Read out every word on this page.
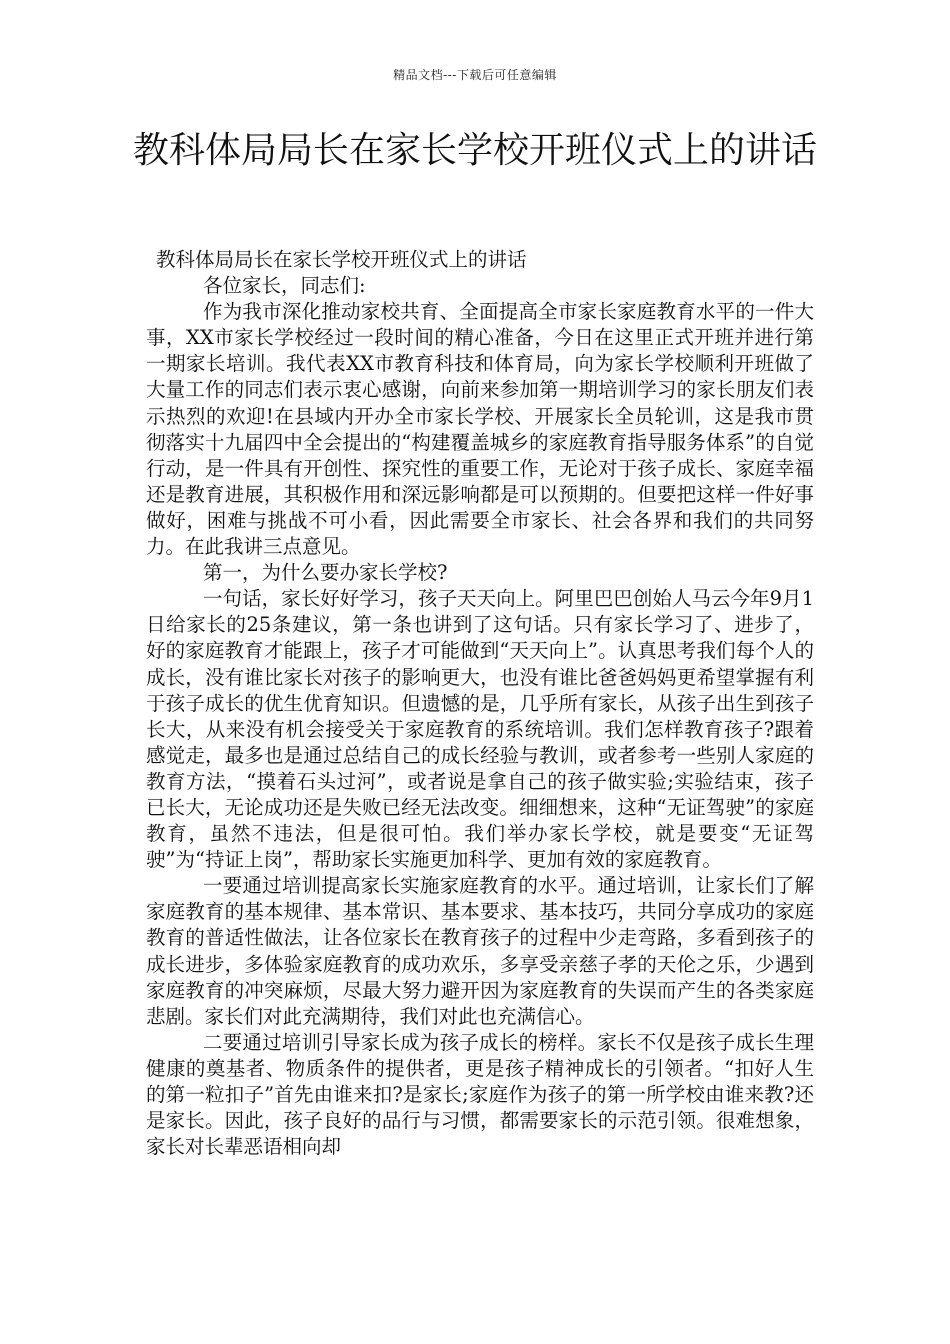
精品文档---下载后可任意编辑
教科体局局长在家长学校开班仪式上的讲话

教科体局局长在家长学校开班仪式上的讲话

各位家长，同志们:

作为我市深化推动家校共育、全面提高全市家长家庭教育水平的一件大事，XX市家长学校经过一段时间的精心准备，今日在这里正式开班并进行第一期家长培训。我代表XX市教育科技和体育局，向为家长学校顺利开班做了大量工作的同志们表示衷心感谢，向前来参加第一期培训学习的家长朋友们表示热烈的欢迎!在县域内开办全市家长学校、开展家长全员轮训，这是我市贯彻落实十九届四中全会提出的“构建覆盖城乡的家庭教育指导服务体系”的自觉行动，是一件具有开创性、探究性的重要工作，无论对于孩子成长、家庭幸福还是教育进展，其积极作用和深远影响都是可以预期的。但要把这样一件好事做好，困难与挑战不可小看，因此需要全市家长、社会各界和我们的共同努力。在此我讲三点意见。

第一，为什么要办家长学校?

一句话，家长好好学习，孩子天天向上。阿里巴巴创始人马云今年9月1日给家长的25条建议，第一条也讲到了这句话。只有家长学习了、进步了，好的家庭教育才能跟上，孩子才可能做到“天天向上”。认真思考我们每个人的成长，没有谁比家长对孩子的影响更大，也没有谁比爸爸妈妈更希望掌握有利于孩子成长的优生优育知识。但遗憾的是，几乎所有家长，从孩子出生到孩子长大，从来没有机会接受关于家庭教育的系统培训。我们怎样教育孩子?跟着感觉走，最多也是通过总结自己的成长经验与教训，或者参考一些别人家庭的教育方法，“摸着石头过河”，或者说是拿自己的孩子做实验;实验结束，孩子已长大，无论成功还是失败已经无法改变。细细想来，这种“无证驾驶”的家庭教育，虽然不违法，但是很可怕。我们举办家长学校，就是要变“无证驾驶”为“持证上岗”，帮助家长实施更加科学、更加有效的家庭教育。

一要通过培训提高家长实施家庭教育的水平。通过培训，让家长们了解家庭教育的基本规律、基本常识、基本要求、基本技巧，共同分享成功的家庭教育的普适性做法，让各位家长在教育孩子的过程中少走弯路，多看到孩子的成长进步，多体验家庭教育的成功欢乐，多享受亲慈子孝的天伦之乐，少遇到家庭教育的冲突麻烦，尽最大努力避开因为家庭教育的失误而产生的各类家庭悲剧。家长们对此充满期待，我们对此也充满信心。

二要通过培训引导家长成为孩子成长的榜样。家长不仅是孩子成长生理健康的奠基者、物质条件的提供者，更是孩子精神成长的引领者。“扣好人生的第一粒扣子”首先由谁来扣?是家长;家庭作为孩子的第一所学校由谁来教?还是家长。因此，孩子良好的品行与习惯，都需要家长的示范引领。很难想象，家长对长辈恶语相向却
